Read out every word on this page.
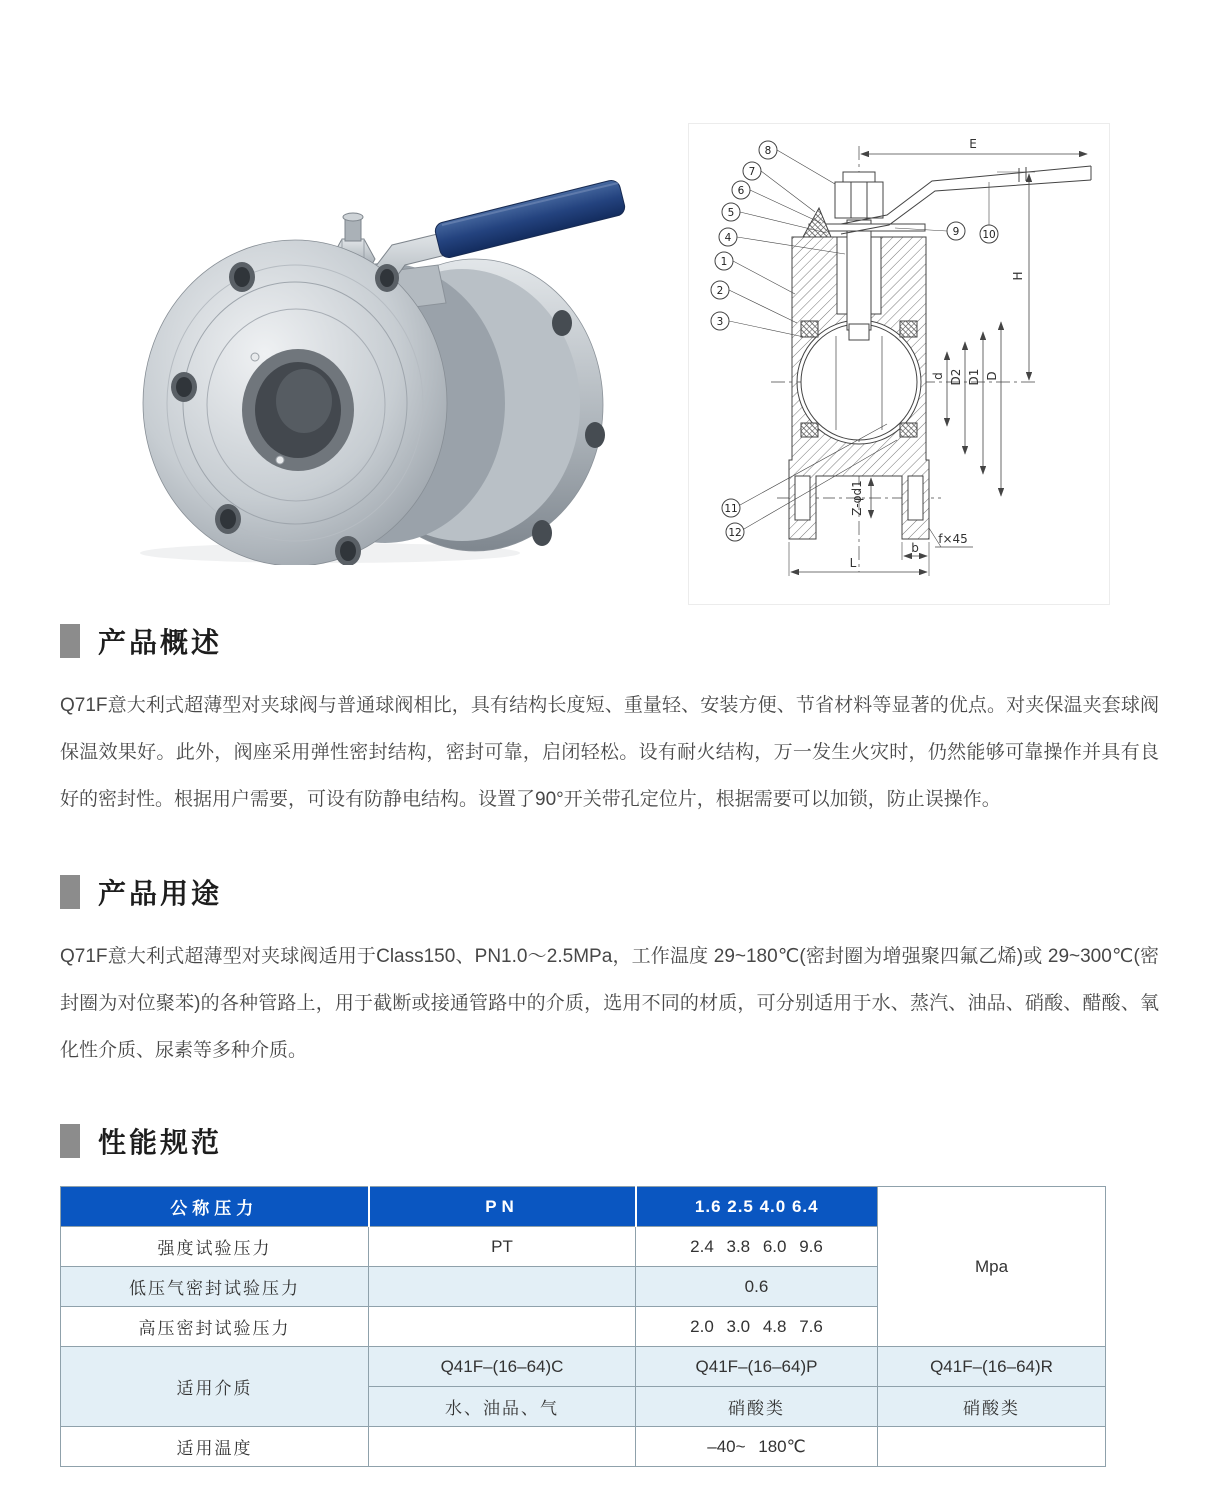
8
7
6
5
4
1
2
3
9 10
11
12
E
H
d D2 D1 D
L
b
f×45
Z-φd1
产品概述

Q71F意大利式超薄型对夹球阀与普通球阀相比，具有结构长度短、重量轻、安装方便、节省材料等显著的优点。对夹保温夹套球阀保温效果好。此外，阀座采用弹性密封结构，密封可靠，启闭轻松。设有耐火结构，万一发生火灾时，仍然能够可靠操作并具有良好的密封性。根据用户需要，可设有防静电结构。设置了90°开关带孔定位片，根据需要可以加锁，防止误操作。

产品用途

Q71F意大利式超薄型对夹球阀适用于Class150、PN1.0～2.5MPa，工作温度 29~180℃(密封圈为增强聚四氟乙烯)或 29~300℃(密封圈为对位聚苯)的各种管路上，用于截断或接通管路中的介质，选用不同的材质，可分别适用于水、蒸汽、油品、硝酸、醋酸、氧化性介质、尿素等多种介质。

性能规范
公称压力	PN	1.6 2.5 4.0 6.4	Mpa
强度试验压力	PT	2.4 3.8 6.0 9.6	
低压气密封试验压力		0.6	
高压密封试验压力		2.0 3.0 4.8 7.6	
适用介质	Q41F–(16–64)C	Q41F–(16–64)P	Q41F–(16–64)R
	水、油品、气	硝酸类	硝酸类
适用温度		–40~ 180℃	
